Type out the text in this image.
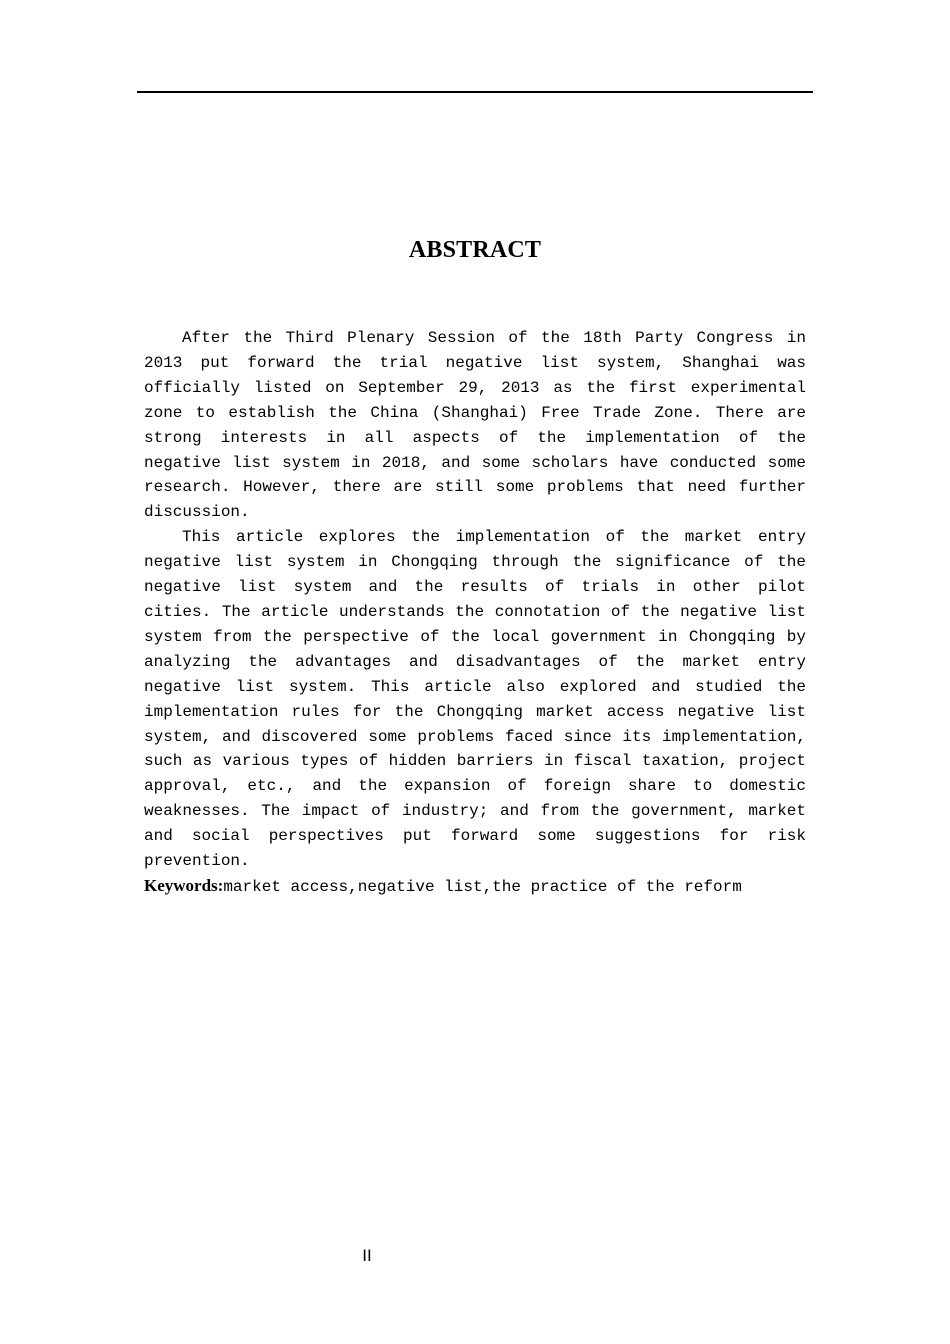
ABSTRACT

After the Third Plenary Session of the 18th Party Congress in 2013 put forward the trial negative list system, Shanghai was officially listed on September 29, 2013 as the first experimental zone to establish the China (Shanghai) Free Trade Zone. There are strong interests in all aspects of the implementation of the negative list system in 2018, and some scholars have conducted some research. However, there are still some problems that need further discussion.

This article explores the implementation of the market entry negative list system in Chongqing through the significance of the negative list system and the results of trials in other pilot cities. The article understands the connotation of the negative list system from the perspective of the local government in Chongqing by analyzing the advantages and disadvantages of the market entry negative list system. This article also explored and studied the implementation rules for the Chongqing market access negative list system, and discovered some problems faced since its implementation, such as various types of hidden barriers in fiscal taxation, project approval, etc., and the expansion of foreign share to domestic weaknesses. The impact of industry; and from the government, market and social perspectives put forward some suggestions for risk prevention.

Keywords:market access,negative list,the practice of the reform

II
